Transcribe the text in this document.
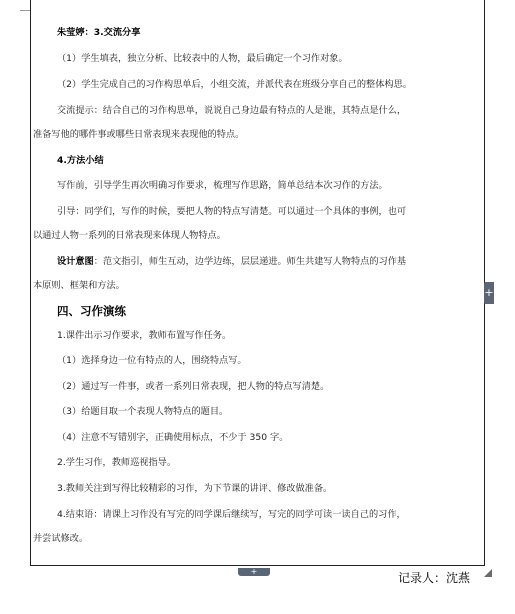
朱莹婷：3.交流分享
（1）学生填表，独立分析、比较表中的人物，最后确定一个习作对象。
（2）学生完成自己的习作构思单后，小组交流，并派代表在班级分享自己的整体构思。
交流提示：结合自己的习作构思单，说说自己身边最有特点的人是谁，其特点是什么，
准备写他的哪件事或哪些日常表现来表现他的特点。
4.方法小结
写作前，引导学生再次明确习作要求，梳理写作思路，简单总结本次习作的方法。
引导：同学们，写作的时候，要把人物的特点写清楚。可以通过一个具体的事例，也可
以通过人物一系列的日常表现来体现人物特点。
设计意图：范文指引，师生互动，边学边练，层层递进。师生共建写人物特点的习作基
本原则、框架和方法。
四、习作演练
1.课件出示习作要求，教师布置写作任务。
（1）选择身边一位有特点的人，围绕特点写。
（2）通过写一件事，或者一系列日常表现，把人物的特点写清楚。
（3）给题目取一个表现人物特点的题目。
（4）注意不写错别字，正确使用标点，不少于 350 字。
2.学生习作，教师巡视指导。
3.教师关注到写得比较精彩的习作，为下节课的讲评、修改做准备。
4.结束语：请课上习作没有写完的同学课后继续写，写完的同学可读一读自己的习作，
并尝试修改。
+
+	记录人：沈燕
